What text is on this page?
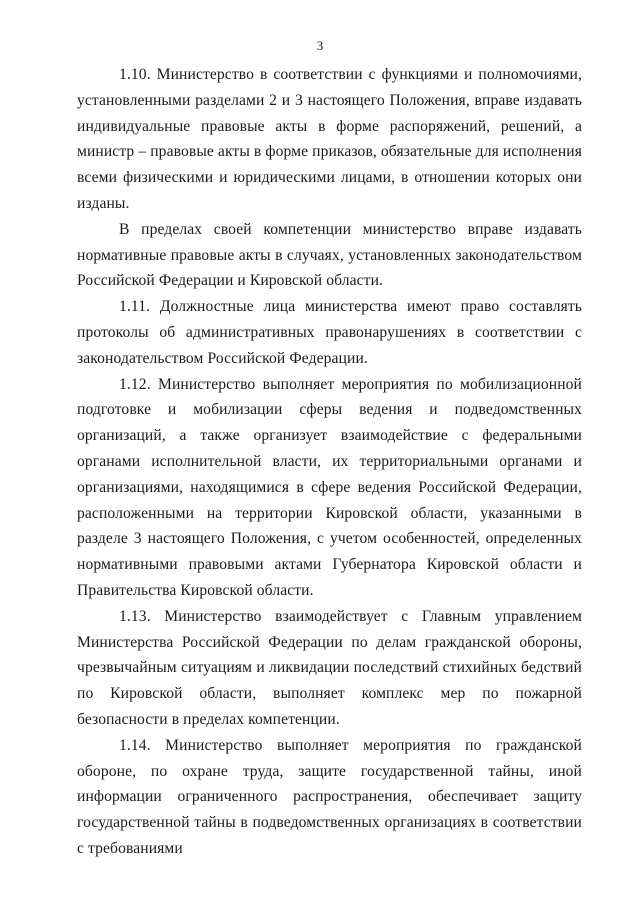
3

1.10. Министерство в соответствии с функциями и полномочиями, установленными разделами 2 и 3 настоящего Положения, вправе издавать индивидуальные правовые акты в форме распоряжений, решений, а министр – правовые акты в форме приказов, обязательные для исполнения всеми физическими и юридическими лицами, в отношении которых они изданы.

В пределах своей компетенции министерство вправе издавать нормативные правовые акты в случаях, установленных законодательством Российской Федерации и Кировской области.

1.11. Должностные лица министерства имеют право составлять протоколы об административных правонарушениях в соответствии с законодательством Российской Федерации.

1.12. Министерство выполняет мероприятия по мобилизационной подготовке и мобилизации сферы ведения и подведомственных организаций, а также организует взаимодействие с федеральными органами исполнительной власти, их территориальными органами и организациями, находящимися в сфере ведения Российской Федерации, расположенными на территории Кировской области, указанными в разделе 3 настоящего Положения, с учетом особенностей, определенных нормативными правовыми актами Губернатора Кировской области и Правительства Кировской области.

1.13. Министерство взаимодействует с Главным управлением Министерства Российской Федерации по делам гражданской обороны, чрезвычайным ситуациям и ликвидации последствий стихийных бедствий по Кировской области, выполняет комплекс мер по пожарной безопасности в пределах компетенции.

1.14. Министерство выполняет мероприятия по гражданской обороне, по охране труда, защите государственной тайны, иной информации ограниченного распространения, обеспечивает защиту государственной тайны в подведомственных организациях в соответствии с требованиями
